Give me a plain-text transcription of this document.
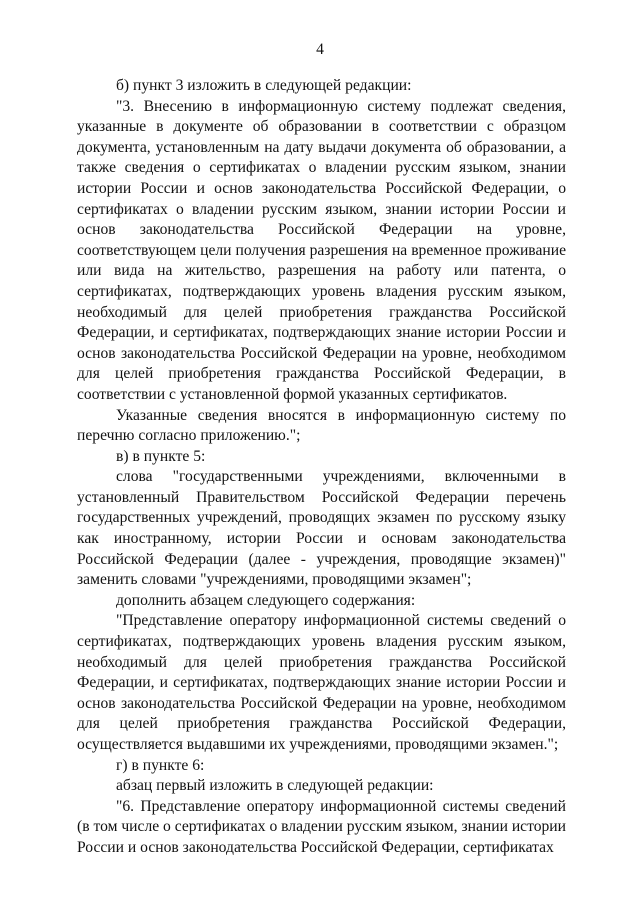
4

б) пункт 3 изложить в следующей редакции:

"3. Внесению в информационную систему подлежат сведения, указанные в документе об образовании в соответствии с образцом документа, установленным на дату выдачи документа об образовании, а также сведения о сертификатах о владении русским языком, знании истории России и основ законодательства Российской Федерации, о сертификатах о владении русским языком, знании истории России и основ законодательства Российской Федерации на уровне, соответствующем цели получения разрешения на временное проживание или вида на жительство, разрешения на работу или патента, о сертификатах, подтверждающих уровень владения русским языком, необходимый для целей приобретения гражданства Российской Федерации, и сертификатах, подтверждающих знание истории России и основ законодательства Российской Федерации на уровне, необходимом для целей приобретения гражданства Российской Федерации, в соответствии с установленной формой указанных сертификатов.

Указанные сведения вносятся в информационную систему по перечню согласно приложению.";

в) в пункте 5:

слова "государственными учреждениями, включенными в установленный Правительством Российской Федерации перечень государственных учреждений, проводящих экзамен по русскому языку как иностранному, истории России и основам законодательства Российской Федерации (далее - учреждения, проводящие экзамен)" заменить словами "учреждениями, проводящими экзамен";

дополнить абзацем следующего содержания:

"Представление оператору информационной системы сведений о сертификатах, подтверждающих уровень владения русским языком, необходимый для целей приобретения гражданства Российской Федерации, и сертификатах, подтверждающих знание истории России и основ законодательства Российской Федерации на уровне, необходимом для целей приобретения гражданства Российской Федерации, осуществляется выдавшими их учреждениями, проводящими экзамен.";

г) в пункте 6:

абзац первый изложить в следующей редакции:

"6. Представление оператору информационной системы сведений (в том числе о сертификатах о владении русским языком, знании истории России и основ законодательства Российской Федерации, сертификатах
